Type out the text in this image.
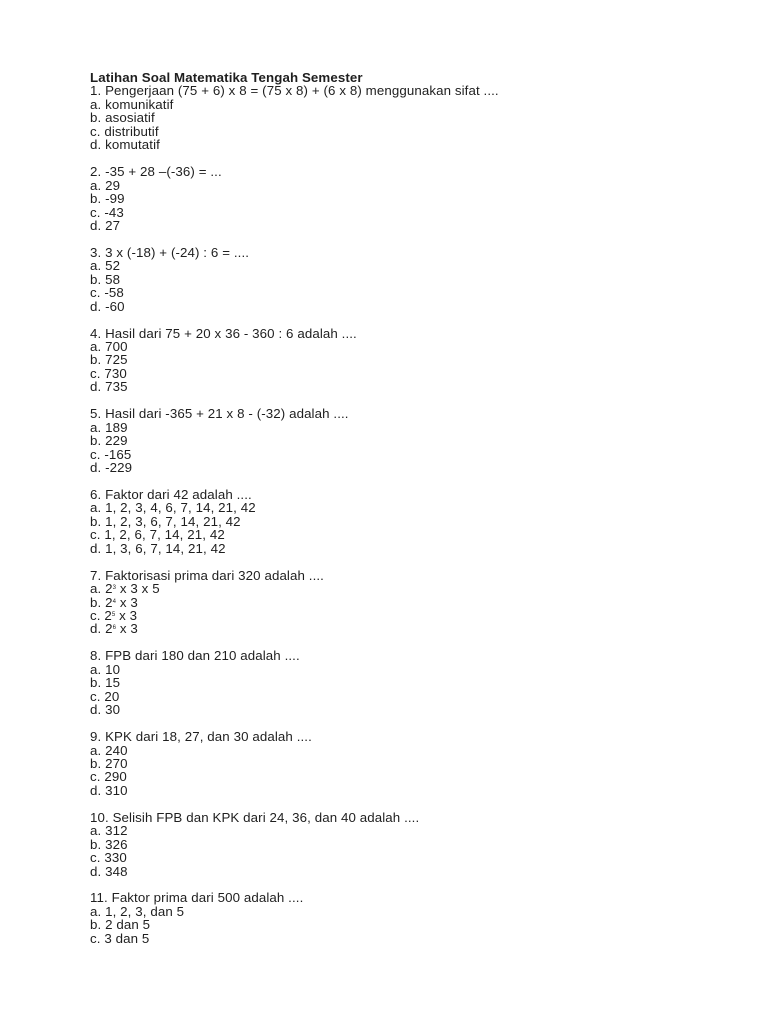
Latihan Soal Matematika Tengah Semester
1. Pengerjaan (75 + 6) x 8 = (75 x 8) + (6 x 8) menggunakan sifat ....
a. komunikatif
b. asosiatif
c. distributif
d. komutatif
2. -35 + 28 –(-36) = ...
a. 29
b. -99
c. -43
d. 27
3. 3 x (-18) + (-24) : 6 = ....
a. 52
b. 58
c. -58
d. -60
4. Hasil dari 75 + 20 x 36 - 360 : 6 adalah ....
a. 700
b. 725
c. 730
d. 735
5. Hasil dari -365 + 21 x 8 - (-32) adalah ....
a. 189
b. 229
c. -165
d. -229
6. Faktor dari 42 adalah ....
a. 1, 2, 3, 4, 6, 7, 14, 21, 42
b. 1, 2, 3, 6, 7, 14, 21, 42
c. 1, 2, 6, 7, 14, 21, 42
d. 1, 3, 6, 7, 14, 21, 42
7. Faktorisasi prima dari 320 adalah ....
a. $2^3$ x 3 x 5
b. $2^4$ x 3
c. $2^5$ x 3
d. $2^6$ x 3
8. FPB dari 180 dan 210 adalah ....
a. 10
b. 15
c. 20
d. 30
9. KPK dari 18, 27, dan 30 adalah ....
a. 240
b. 270
c. 290
d. 310
10. Selisih FPB dan KPK dari 24, 36, dan 40 adalah ....
a. 312
b. 326
c. 330
d. 348
11. Faktor prima dari 500 adalah ....
a. 1, 2, 3, dan 5
b. 2 dan 5
c. 3 dan 5
